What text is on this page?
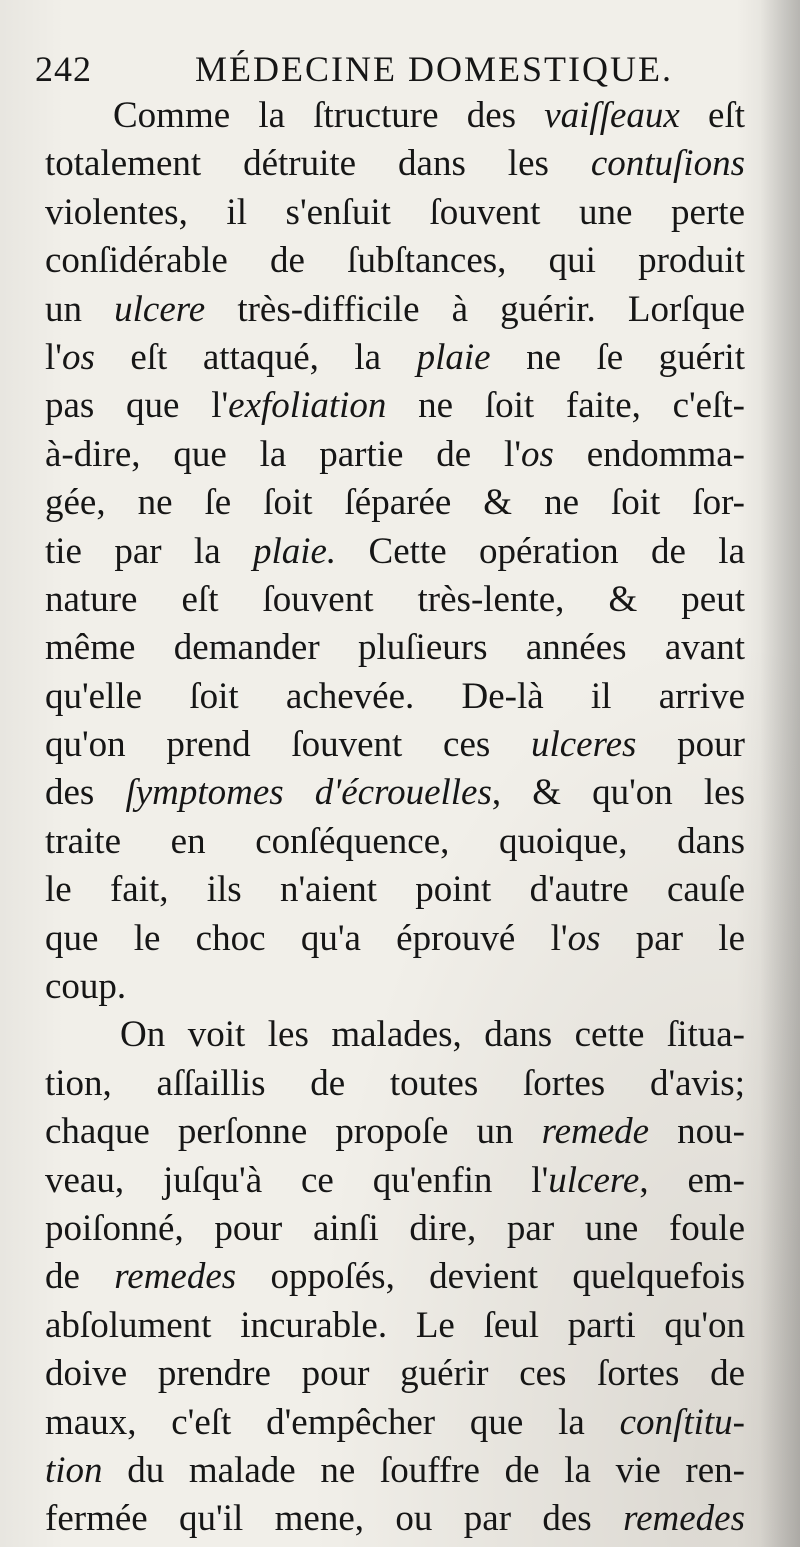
242	MÉDECINE DOMESTIQUE.
Comme la ſtructure des vaiſſeaux eſt
totalement détruite dans les contuſions
violentes, il s'enſuit ſouvent une perte
conſidérable de ſubſtances, qui produit
un ulcere très-difficile à guérir. Lorſque
l'os eſt attaqué, la plaie ne ſe guérit
pas que l'exfoliation ne ſoit faite, c'eſt-
à-dire, que la partie de l'os endomma-
gée, ne ſe ſoit ſéparée & ne ſoit ſor-
tie par la plaie. Cette opération de la
nature eſt ſouvent très-lente, & peut
même demander pluſieurs années avant
qu'elle ſoit achevée. De-là il arrive
qu'on prend ſouvent ces ulceres pour
des ſymptomes d'écrouelles, & qu'on les
traite en conſéquence, quoique, dans
le fait, ils n'aient point d'autre cauſe
que le choc qu'a éprouvé l'os par le
coup.
On voit les malades, dans cette ſitua-
tion, aſſaillis de toutes ſortes d'avis;
chaque perſonne propoſe un remede nou-
veau, juſqu'à ce qu'enfin l'ulcere, em-
poiſonné, pour ainſi dire, par une foule
de remedes oppoſés, devient quelquefois
abſolument incurable. Le ſeul parti qu'on
doive prendre pour guérir ces ſortes de
maux, c'eſt d'empêcher que la conſtitu-
tion du malade ne ſouffre de la vie ren-
fermée qu'il mene, ou par des remedes
